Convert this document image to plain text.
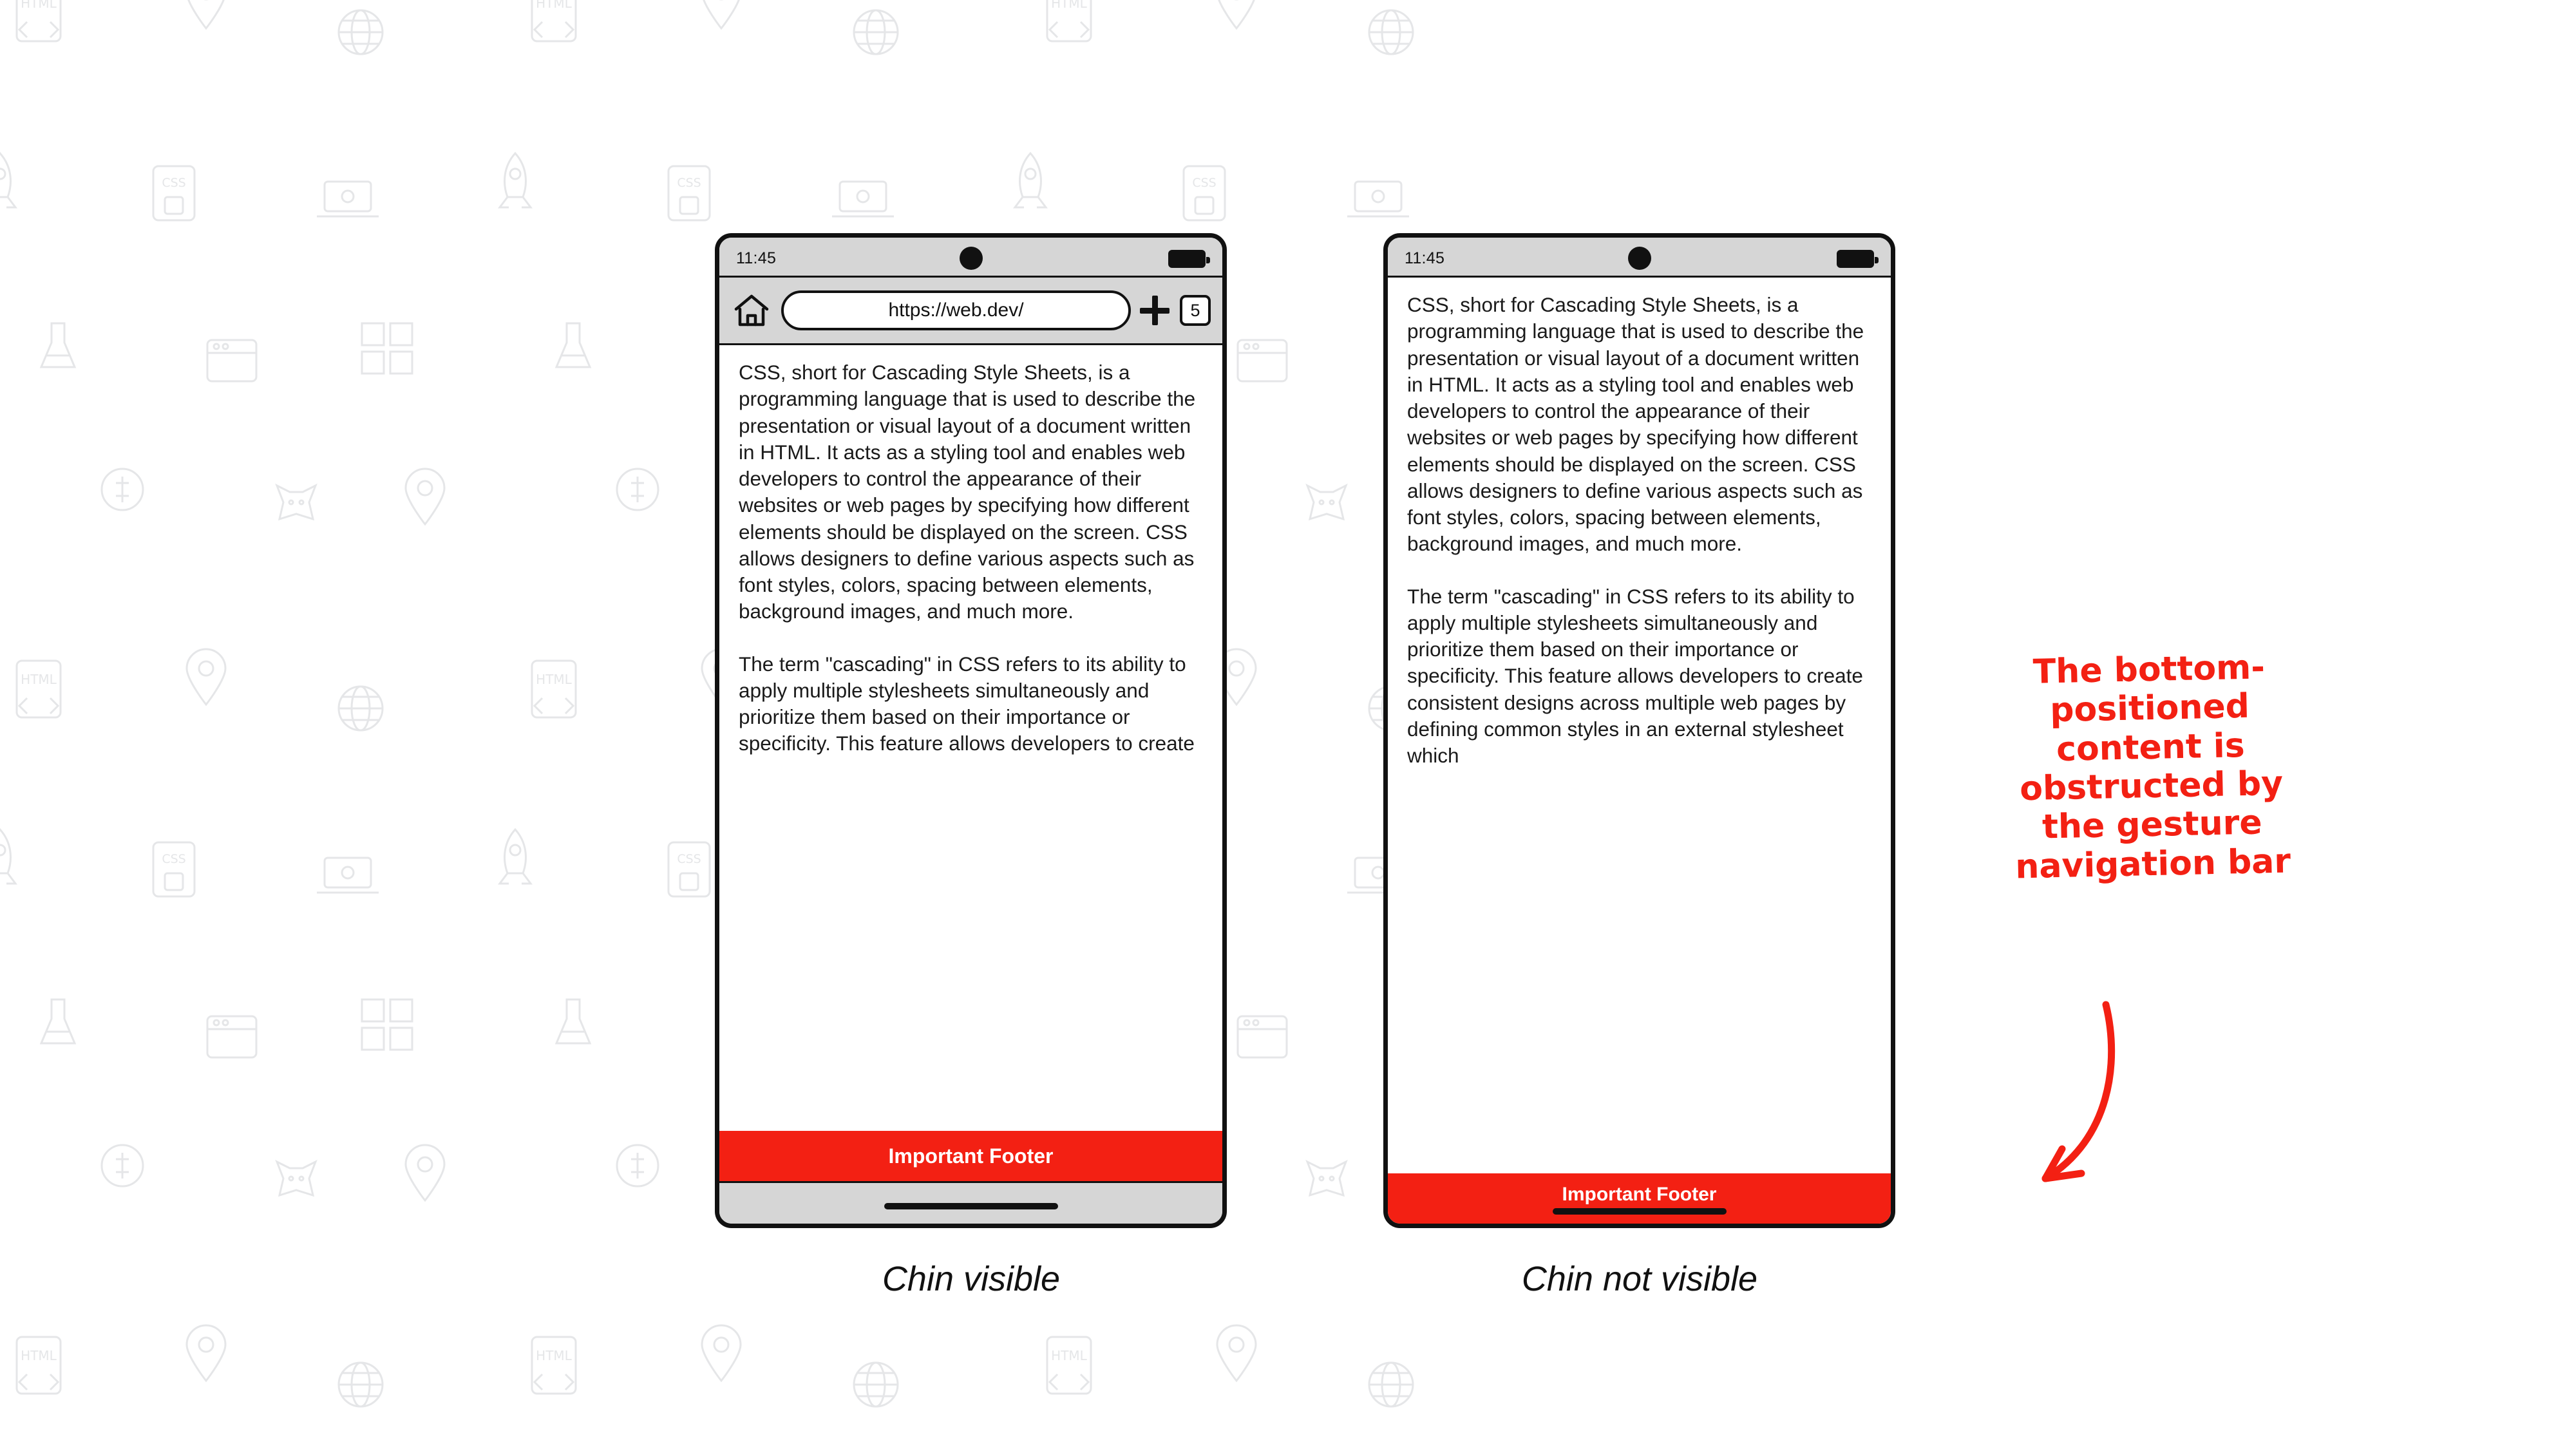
11:45
https://web.dev/	5

CSS, short for Cascading Style Sheets, is a programming language that is used to describe the presentation or visual layout of a document written in HTML. It acts as a styling tool and enables web developers to control the appearance of their websites or web pages by specifying how different elements should be displayed on the screen. CSS allows designers to define various aspects such as font styles, colors, spacing between elements, background images, and much more.

The term "cascading" in CSS refers to its ability to apply multiple stylesheets simultaneously and prioritize them based on their importance or specificity. This feature allows developers to create

Important Footer
Chin visible
11:45

CSS, short for Cascading Style Sheets, is a programming language that is used to describe the presentation or visual layout of a document written in HTML. It acts as a styling tool and enables web developers to control the appearance of their websites or web pages by specifying how different elements should be displayed on the screen. CSS allows designers to define various aspects such as font styles, colors, spacing between elements, background images, and much more.

The term "cascading" in CSS refers to its ability to apply multiple stylesheets simultaneously and prioritize them based on their importance or specificity. This feature allows developers to create consistent designs across multiple web pages by defining common styles in an external stylesheet which

Important Footer
Chin not visible
The bottom-positioned content is obstructed by the gesture navigation bar
